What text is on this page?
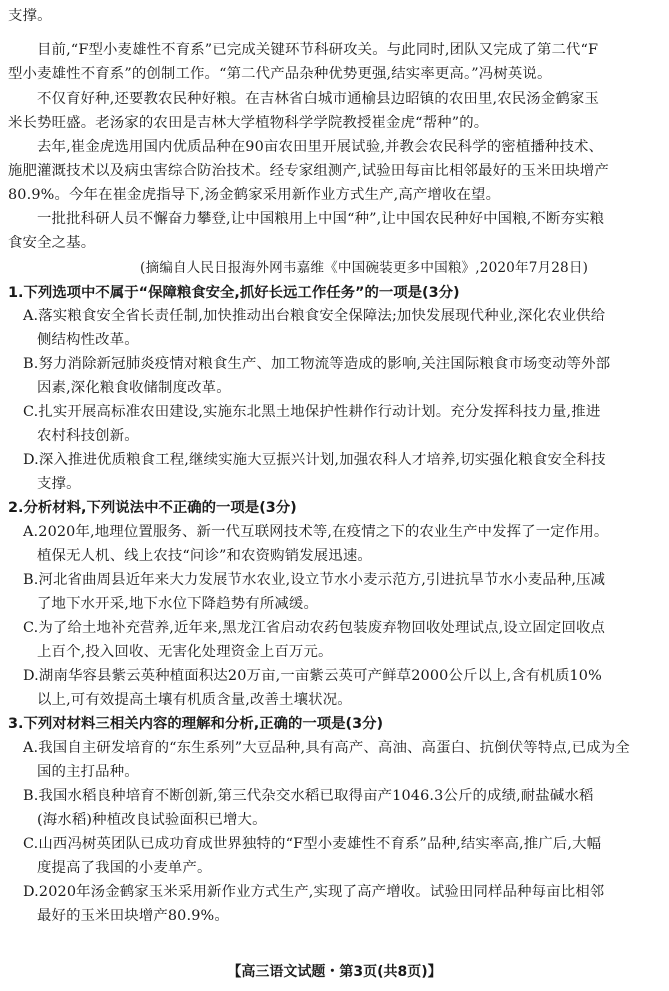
支撑。
目前,“F型小麦雄性不育系”已完成关键环节科研攻关。与此同时,团队又完成了第二代“F
型小麦雄性不育系”的创制工作。“第二代产品杂种优势更强,结实率更高。”冯树英说。
不仅育好种,还要教农民种好粮。在吉林省白城市通榆县边昭镇的农田里,农民汤金鹤家玉
米长势旺盛。老汤家的农田是吉林大学植物科学学院教授崔金虎“帮种”的。
去年,崔金虎选用国内优质品种在90亩农田里开展试验,并教会农民科学的密植播种技术、
施肥灌溉技术以及病虫害综合防治技术。经专家组测产,试验田每亩比相邻最好的玉米田块增产
80.9%。今年在崔金虎指导下,汤金鹤家采用新作业方式生产,高产增收在望。
一批批科研人员不懈奋力攀登,让中国粮用上中国“种”,让中国农民种好中国粮,不断夯实粮
食安全之基。
(摘编自人民日报海外网韦嘉维《中国碗装更多中国粮》,2020年7月28日)
1.下列选项中不属于“保障粮食安全,抓好长远工作任务”的一项是(3分)
A.落实粮食安全省长责任制,加快推动出台粮食安全保障法;加快发展现代种业,深化农业供给
侧结构性改革。
B.努力消除新冠肺炎疫情对粮食生产、加工物流等造成的影响,关注国际粮食市场变动等外部
因素,深化粮食收储制度改革。
C.扎实开展高标准农田建设,实施东北黑土地保护性耕作行动计划。充分发挥科技力量,推进
农村科技创新。
D.深入推进优质粮食工程,继续实施大豆振兴计划,加强农科人才培养,切实强化粮食安全科技
支撑。
2.分析材料,下列说法中不正确的一项是(3分)
A.2020年,地理位置服务、新一代互联网技术等,在疫情之下的农业生产中发挥了一定作用。
植保无人机、线上农技“问诊”和农资购销发展迅速。
B.河北省曲周县近年来大力发展节水农业,设立节水小麦示范方,引进抗旱节水小麦品种,压减
了地下水开采,地下水位下降趋势有所减缓。
C.为了给土地补充营养,近年来,黑龙江省启动农药包装废弃物回收处理试点,设立固定回收点
上百个,投入回收、无害化处理资金上百万元。
D.湖南华容县紫云英种植面积达20万亩,一亩紫云英可产鲜草2000公斤以上,含有机质10%
以上,可有效提高土壤有机质含量,改善土壤状况。
3.下列对材料三相关内容的理解和分析,正确的一项是(3分)
A.我国自主研发培育的“东生系列”大豆品种,具有高产、高油、高蛋白、抗倒伏等特点,已成为全
国的主打品种。
B.我国水稻良种培育不断创新,第三代杂交水稻已取得亩产1046.3公斤的成绩,耐盐碱水稻
(海水稻)种植改良试验面积已增大。
C.山西冯树英团队已成功育成世界独特的“F型小麦雄性不育系”品种,结实率高,推广后,大幅
度提高了我国的小麦单产。
D.2020年汤金鹤家玉米采用新作业方式生产,实现了高产增收。试验田同样品种每亩比相邻
最好的玉米田块增产80.9%。
【高三语文试题・第3页(共8页)】
